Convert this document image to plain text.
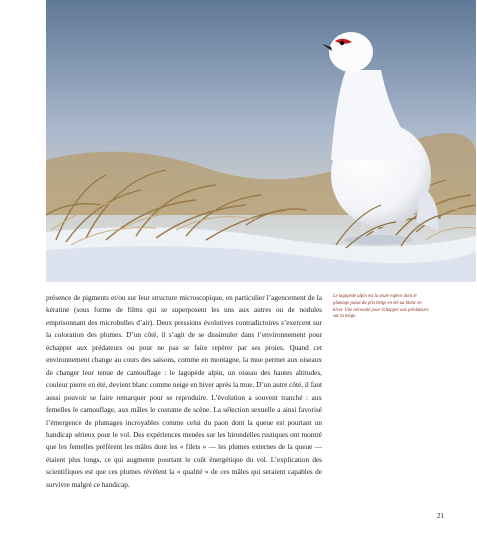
présence de pigments et/ou sur leur structure microscopique, en particulier l’agencement de la kératine (sous forme de films qui se superposent les uns aux autres ou de nodules emprisonnant des microbulles d’air). Deux pressions évolutives contradictoires s’exercent sur la coloration des plumes. D’un côté, il s’agit de se dissimuler dans l’environnement pour échapper aux prédateurs ou pour ne pas se faire repérer par ses proies. Quand cet environnement change au cours des saisons, comme en montagne, la mue permet aux oiseaux de changer leur tenue de camouflage : le lagopède alpin, un oiseau des hautes altitudes, couleur pierre en été, devient blanc comme neige en hiver après la mue. D’un autre côté, il faut aussi pouvoir se faire remarquer pour se reproduire. L’évolution a souvent tranché : aux femelles le camouflage, aux mâles le costume de scène. La sélection sexuelle a ainsi favorisé l’émergence de plumages incroyables comme celui du paon dont la queue est pourtant un handicap sérieux pour le vol. Des expériences menées sur les hirondelles rustiques ont montré que les femelles préfèrent les mâles dont les « filets » — les plumes externes de la queue — étaient plus longs, ce qui augmente pourtant le coût énergétique du vol. L’explication des scientifiques est que ces plumes révèlent la « qualité » de ces mâles qui seraient capables de survivre malgré ce handicap.

Le lagopède alpin est la seule espèce dont le plumage passe du gris beige en été au blanc en hiver. Une nécessité pour échapper aux prédateurs sur la neige.

21
